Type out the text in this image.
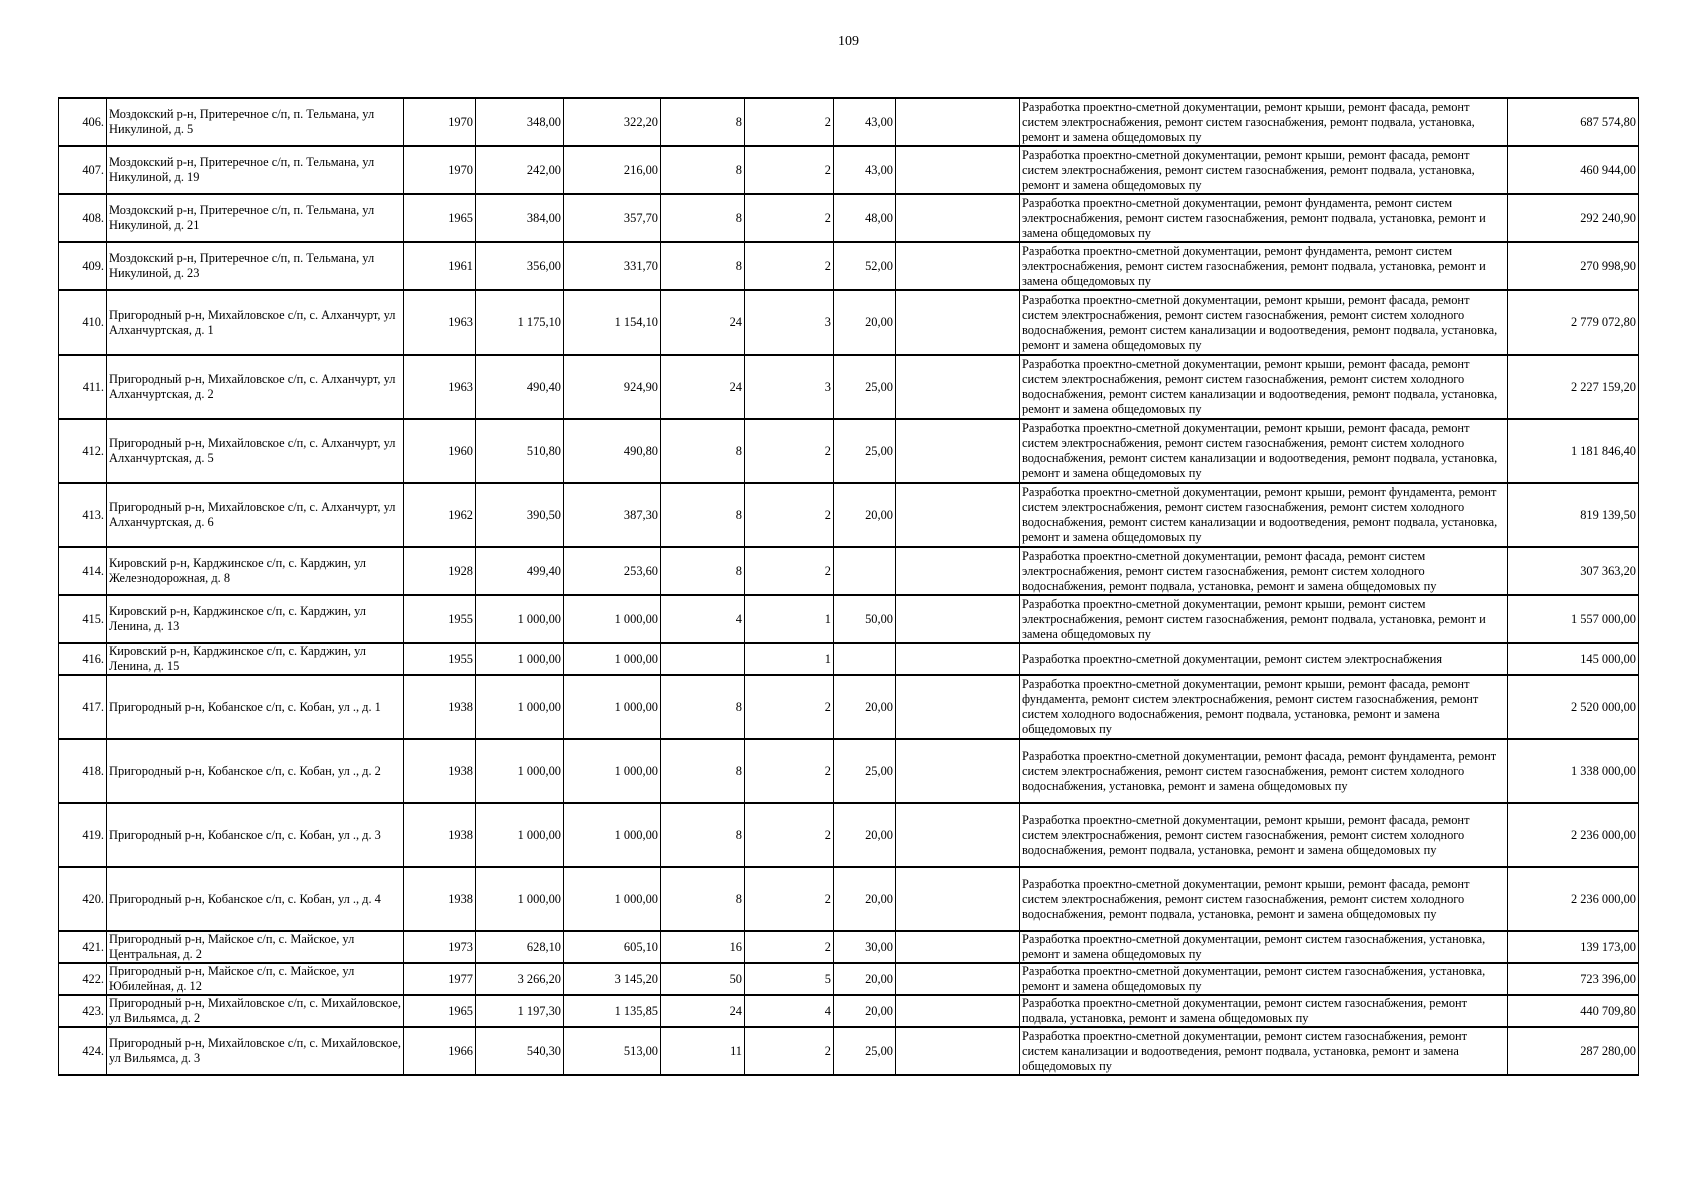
109
406.	Моздокский р-н, Притеречное с/п, п. Тельмана, ул Никулиной, д. 5	1970	348,00	322,20	8	2	43,00		Разработка проектно-сметной документации, ремонт крыши, ремонт фасада, ремонт систем электроснабжения, ремонт систем газоснабжения, ремонт подвала, установка, ремонт и замена общедомовых пу	687 574,80
407.	Моздокский р-н, Притеречное с/п, п. Тельмана, ул Никулиной, д. 19	1970	242,00	216,00	8	2	43,00		Разработка проектно-сметной документации, ремонт крыши, ремонт фасада, ремонт систем электроснабжения, ремонт систем газоснабжения, ремонт подвала, установка, ремонт и замена общедомовых пу	460 944,00
408.	Моздокский р-н, Притеречное с/п, п. Тельмана, ул Никулиной, д. 21	1965	384,00	357,70	8	2	48,00		Разработка проектно-сметной документации, ремонт фундамента, ремонт систем электроснабжения, ремонт систем газоснабжения, ремонт подвала, установка, ремонт и замена общедомовых пу	292 240,90
409.	Моздокский р-н, Притеречное с/п, п. Тельмана, ул Никулиной, д. 23	1961	356,00	331,70	8	2	52,00		Разработка проектно-сметной документации, ремонт фундамента, ремонт систем электроснабжения, ремонт систем газоснабжения, ремонт подвала, установка, ремонт и замена общедомовых пу	270 998,90
410.	Пригородный р-н, Михайловское с/п, с. Алханчурт, ул Алханчуртская, д. 1	1963	1 175,10	1 154,10	24	3	20,00		Разработка проектно-сметной документации, ремонт крыши, ремонт фасада, ремонт систем электроснабжения, ремонт систем газоснабжения, ремонт систем холодного водоснабжения, ремонт систем канализации и водоотведения, ремонт подвала, установка, ремонт и замена общедомовых пу	2 779 072,80
411.	Пригородный р-н, Михайловское с/п, с. Алханчурт, ул Алханчуртская, д. 2	1963	490,40	924,90	24	3	25,00		Разработка проектно-сметной документации, ремонт крыши, ремонт фасада, ремонт систем электроснабжения, ремонт систем газоснабжения, ремонт систем холодного водоснабжения, ремонт систем канализации и водоотведения, ремонт подвала, установка, ремонт и замена общедомовых пу	2 227 159,20
412.	Пригородный р-н, Михайловское с/п, с. Алханчурт, ул Алханчуртская, д. 5	1960	510,80	490,80	8	2	25,00		Разработка проектно-сметной документации, ремонт крыши, ремонт фасада, ремонт систем электроснабжения, ремонт систем газоснабжения, ремонт систем холодного водоснабжения, ремонт систем канализации и водоотведения, ремонт подвала, установка, ремонт и замена общедомовых пу	1 181 846,40
413.	Пригородный р-н, Михайловское с/п, с. Алханчурт, ул Алханчуртская, д. 6	1962	390,50	387,30	8	2	20,00		Разработка проектно-сметной документации, ремонт крыши, ремонт фундамента, ремонт систем электроснабжения, ремонт систем газоснабжения, ремонт систем холодного водоснабжения, ремонт систем канализации и водоотведения, ремонт подвала, установка, ремонт и замена общедомовых пу	819 139,50
414.	Кировский р-н, Карджинское с/п, с. Карджин, ул Железнодорожная, д. 8	1928	499,40	253,60	8	2			Разработка проектно-сметной документации, ремонт фасада, ремонт систем электроснабжения, ремонт систем газоснабжения, ремонт систем холодного водоснабжения, ремонт подвала, установка, ремонт и замена общедомовых пу	307 363,20
415.	Кировский р-н, Карджинское с/п, с. Карджин, ул Ленина, д. 13	1955	1 000,00	1 000,00	4	1	50,00		Разработка проектно-сметной документации, ремонт крыши, ремонт систем электроснабжения, ремонт систем газоснабжения, ремонт подвала, установка, ремонт и замена общедомовых пу	1 557 000,00
416.	Кировский р-н, Карджинское с/п, с. Карджин, ул Ленина, д. 15	1955	1 000,00	1 000,00		1			Разработка проектно-сметной документации, ремонт систем электроснабжения	145 000,00
417.	Пригородный р-н, Кобанское с/п, с. Кобан, ул ., д. 1	1938	1 000,00	1 000,00	8	2	20,00		Разработка проектно-сметной документации, ремонт крыши, ремонт фасада, ремонт фундамента, ремонт систем электроснабжения, ремонт систем газоснабжения, ремонт систем холодного водоснабжения, ремонт подвала, установка, ремонт и замена общедомовых пу	2 520 000,00
418.	Пригородный р-н, Кобанское с/п, с. Кобан, ул ., д. 2	1938	1 000,00	1 000,00	8	2	25,00		Разработка проектно-сметной документации, ремонт фасада, ремонт фундамента, ремонт систем электроснабжения, ремонт систем газоснабжения, ремонт систем холодного водоснабжения, установка, ремонт и замена общедомовых пу	1 338 000,00
419.	Пригородный р-н, Кобанское с/п, с. Кобан, ул ., д. 3	1938	1 000,00	1 000,00	8	2	20,00		Разработка проектно-сметной документации, ремонт крыши, ремонт фасада, ремонт систем электроснабжения, ремонт систем газоснабжения, ремонт систем холодного водоснабжения, ремонт подвала, установка, ремонт и замена общедомовых пу	2 236 000,00
420.	Пригородный р-н, Кобанское с/п, с. Кобан, ул ., д. 4	1938	1 000,00	1 000,00	8	2	20,00		Разработка проектно-сметной документации, ремонт крыши, ремонт фасада, ремонт систем электроснабжения, ремонт систем газоснабжения, ремонт систем холодного водоснабжения, ремонт подвала, установка, ремонт и замена общедомовых пу	2 236 000,00
421.	Пригородный р-н, Майское с/п, с. Майское, ул Центральная, д. 2	1973	628,10	605,10	16	2	30,00		Разработка проектно-сметной документации, ремонт систем газоснабжения, установка, ремонт и замена общедомовых пу	139 173,00
422.	Пригородный р-н, Майское с/п, с. Майское, ул Юбилейная, д. 12	1977	3 266,20	3 145,20	50	5	20,00		Разработка проектно-сметной документации, ремонт систем газоснабжения, установка, ремонт и замена общедомовых пу	723 396,00
423.	Пригородный р-н, Михайловское с/п, с. Михайловское, ул Вильямса, д. 2	1965	1 197,30	1 135,85	24	4	20,00		Разработка проектно-сметной документации, ремонт систем газоснабжения, ремонт подвала, установка, ремонт и замена общедомовых пу	440 709,80
424.	Пригородный р-н, Михайловское с/п, с. Михайловское, ул Вильямса, д. 3	1966	540,30	513,00	11	2	25,00		Разработка проектно-сметной документации, ремонт систем газоснабжения, ремонт систем канализации и водоотведения, ремонт подвала, установка, ремонт и замена общедомовых пу	287 280,00
